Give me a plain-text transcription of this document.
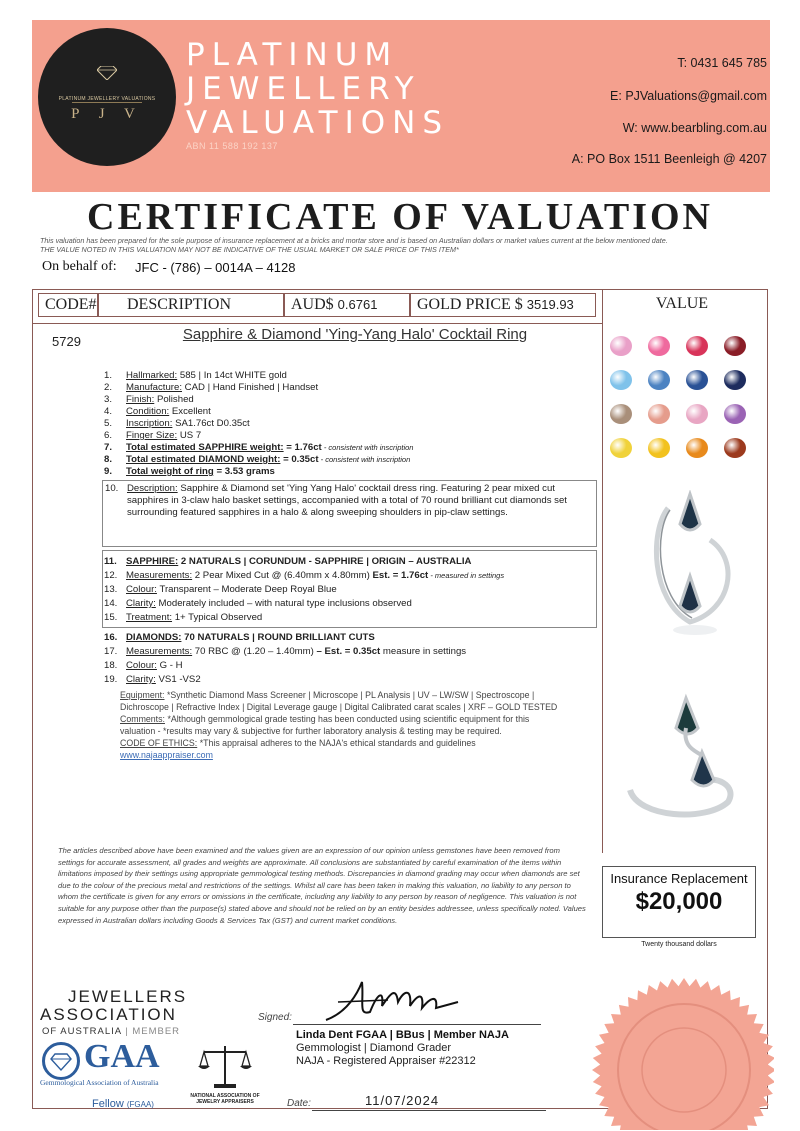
PLATINUM JEWELLERY VALUATIONS
P J V
PLATINUM
JEWELLERY
VALUATIONS
ABN 11 588 192 137
T: 0431 645 785
E: PJValuations@gmail.com
W: www.bearbling.com.au
A: PO Box 1511 Beenleigh @ 4207
CERTIFICATE OF VALUATION
This valuation has been prepared for the sole purpose of insurance replacement at a bricks and mortar store and is based on Australian dollars or market values current at the below mentioned date.
THE VALUE NOTED IN THIS VALUATION MAY NOT BE INDICATIVE OF THE USUAL MARKET OR SALE PRICE OF THIS ITEM*
On behalf of: JFC - (786) – 0014A – 4128
CODE#	DESCRIPTION	AUD$ 0.6761	GOLD PRICE $ 3519.93	VALUE
5729	Sapphire & Diamond 'Ying-Yang Halo' Cocktail Ring
1. Hallmarked: 585 | In 14ct WHITE gold
2. Manufacture: CAD | Hand Finished | Handset
3. Finish: Polished
4. Condition: Excellent
5. Inscription: SA1.76ct D0.35ct
6. Finger Size: US 7
7. Total estimated SAPPHIRE weight: = 1.76ct - consistent with inscription
8. Total estimated DIAMOND weight: = 0.35ct - consistent with inscription
9. Total weight of ring = 3.53 grams
10. Description: Sapphire & Diamond set 'Ying Yang Halo' cocktail dress ring. Featuring 2 pear mixed cut sapphires in 3-claw halo basket settings, accompanied with a total of 70 round brilliant cut diamonds set surrounding featured sapphires in a halo & along sweeping shoulders in pip-claw settings.
11. SAPPHIRE: 2 NATURALS | CORUNDUM - SAPPHIRE | ORIGIN – AUSTRALIA
12. Measurements: 2 Pear Mixed Cut @ (6.40mm x 4.80mm) Est. = 1.76ct - measured in settings
13. Colour: Transparent – Moderate Deep Royal Blue
14. Clarity: Moderately included – with natural type inclusions observed
15. Treatment: 1+ Typical Observed
16. DIAMONDS: 70 NATURALS | ROUND BRILLIANT CUTS
17. Measurements: 70 RBC @ (1.20 – 1.40mm) – Est. = 0.35ct measure in settings
18. Colour: G - H
19. Clarity: VS1 -VS2
Equipment: *Synthetic Diamond Mass Screener | Microscope | PL Analysis | UV – LW/SW | Spectroscope | Dichroscope | Refractive Index | Digital Leverage gauge | Digital Calibrated carat scales | XRF – GOLD TESTED
Comments: *Although gemmological grade testing has been conducted using scientific equipment for this valuation - *results may vary & subjective for further laboratory analysis & testing may be required.
CODE OF ETHICS: *This appraisal adheres to the NAJA's ethical standards and guidelines
www.najaappraiser.com
The articles described above have been examined and the values given are an expression of our opinion unless gemstones have been removed from settings for accurate assessment, all grades and weights are approximate. All conclusions are substantiated by careful examination of the items within limitations imposed by their settings using appropriate gemmological testing methods. Discrepancies in diamond grading may occur when diamonds are set due to the colour of the precious metal and restrictions of the settings. Whilst all care has been taken in making this valuation, no liability to any person to whom the certificate is given for any errors or omissions in the certificate, including any liability to any person by reason of negligence. This valuation is not suitable for any purpose other than the purpose(s) stated above and should not be relied on by an entity besides addressee, unless specifically noted. Values expressed in Australian dollars including Goods & Services Tax (GST) and current market conditions.
Insurance Replacement
$20,000
Twenty thousand dollars
JEWELLERS
ASSOCIATION
OF AUSTRALIA | MEMBER
GAA
Gemmological Association of Australia
Fellow (FGAA)
NATIONAL ASSOCIATION OF JEWELRY APPRAISERS
Signed:
Linda Dent FGAA | BBus | Member NAJA
Gemmologist | Diamond Grader
NAJA - Registered Appraiser #22312
Date:	11/07/2024
